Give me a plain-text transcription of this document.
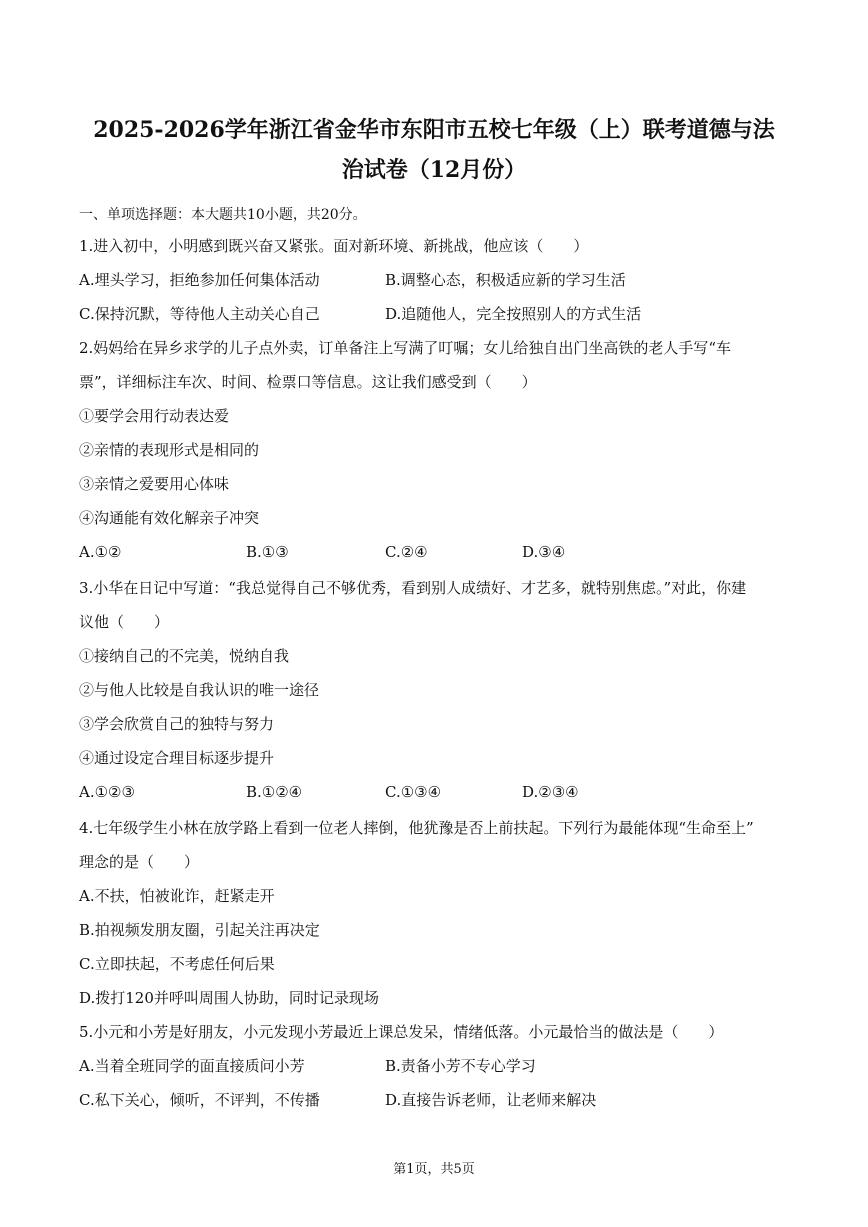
2025-2026学年浙江省金华市东阳市五校七年级（上）联考道德与法
治试卷（12月份）
一、单项选择题：本大题共10小题，共20分。
1.进入初中，小明感到既兴奋又紧张。面对新环境、新挑战，他应该（　　）
A.埋头学习，拒绝参加任何集体活动	B.调整心态，积极适应新的学习生活
C.保持沉默，等待他人主动关心自己	D.追随他人，完全按照别人的方式生活
2.妈妈给在异乡求学的儿子点外卖，订单备注上写满了叮嘱；女儿给独自出门坐高铁的老人手写“车
票”，详细标注车次、时间、检票口等信息。这让我们感受到（　　）
①要学会用行动表达爱
②亲情的表现形式是相同的
③亲情之爱要用心体味
④沟通能有效化解亲子冲突
A.①②	B.①③	C.②④	D.③④
3.小华在日记中写道：“我总觉得自己不够优秀，看到别人成绩好、才艺多，就特别焦虑。”对此，你建
议他（　　）
①接纳自己的不完美，悦纳自我
②与他人比较是自我认识的唯一途径
③学会欣赏自己的独特与努力
④通过设定合理目标逐步提升
A.①②③	B.①②④	C.①③④	D.②③④
4.七年级学生小林在放学路上看到一位老人摔倒，他犹豫是否上前扶起。下列行为最能体现“生命至上”
理念的是（　　）
A.不扶，怕被讹诈，赶紧走开
B.拍视频发朋友圈，引起关注再决定
C.立即扶起，不考虑任何后果
D.拨打120并呼叫周围人协助，同时记录现场
5.小元和小芳是好朋友，小元发现小芳最近上课总发呆，情绪低落。小元最恰当的做法是（　　）
A.当着全班同学的面直接质问小芳	B.责备小芳不专心学习
C.私下关心，倾听，不评判，不传播	D.直接告诉老师，让老师来解决
第1页，共5页
